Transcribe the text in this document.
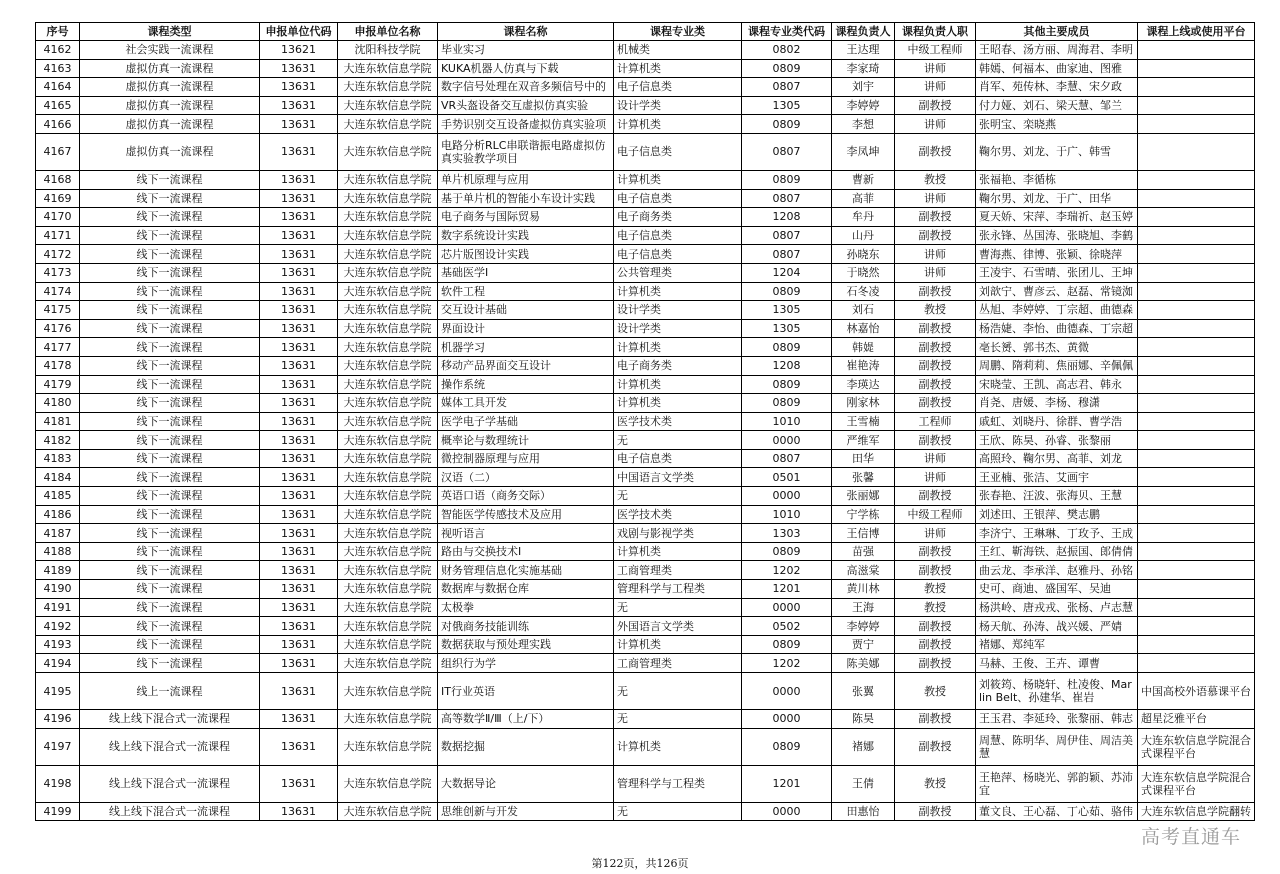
序号	课程类型	申报单位代码	申报单位名称	课程名称	课程专业类	课程专业类代码	课程负责人	课程负责人职	其他主要成员	课程上线或使用平台
4162	社会实践一流课程	13621	沈阳科技学院	毕业实习	机械类	0802	王达理	中级工程师	王昭春、汤方丽、周海君、李明	
4163	虚拟仿真一流课程	13631	大连东软信息学院	KUKA机器人仿真与下载	计算机类	0809	李家琦	讲师	韩嫣、何福本、曲家迪、图雅	
4164	虚拟仿真一流课程	13631	大连东软信息学院	数字信号处理在双音多频信号中的	电子信息类	0807	刘宇	讲师	肖军、苑传林、李慧、宋夕政	
4165	虚拟仿真一流课程	13631	大连东软信息学院	VR头盔设备交互虚拟仿真实验	设计学类	1305	李婷婷	副教授	付力娅、刘石、梁天慧、邹兰	
4166	虚拟仿真一流课程	13631	大连东软信息学院	手势识别交互设备虚拟仿真实验项	计算机类	0809	李想	讲师	张明宝、栾晓燕	
4167	虚拟仿真一流课程	13631	大连东软信息学院	电路分析RLC串联谐振电路虚拟仿真实验教学项目	电子信息类	0807	李凤坤	副教授	鞠尔男、刘龙、于广、韩雪	
4168	线下一流课程	13631	大连东软信息学院	单片机原理与应用	计算机类	0809	曹新	教授	张福艳、李循栋	
4169	线下一流课程	13631	大连东软信息学院	基于单片机的智能小车设计实践	电子信息类	0807	高菲	讲师	鞠尔男、刘龙、于广、田华	
4170	线下一流课程	13631	大连东软信息学院	电子商务与国际贸易	电子商务类	1208	牟丹	副教授	夏天娇、宋萍、李瑞祈、赵玉婷	
4171	线下一流课程	13631	大连东软信息学院	数字系统设计实践	电子信息类	0807	山丹	副教授	张永锋、丛国涛、张晓旭、李鹤	
4172	线下一流课程	13631	大连东软信息学院	芯片版图设计实践	电子信息类	0807	孙晓东	讲师	曹海燕、律博、张颖、徐晓萍	
4173	线下一流课程	13631	大连东软信息学院	基础医学I	公共管理类	1204	于晓然	讲师	王凌宇、石雪晴、张团儿、王坤	
4174	线下一流课程	13631	大连东软信息学院	软件工程	计算机类	0809	石冬凌	副教授	刘歆宁、曹彦云、赵磊、常镜洳	
4175	线下一流课程	13631	大连东软信息学院	交互设计基础	设计学类	1305	刘石	教授	丛旭、李婷婷、丁宗超、曲德森	
4176	线下一流课程	13631	大连东软信息学院	界面设计	设计学类	1305	林嘉怡	副教授	杨浩婕、李怡、曲德森、丁宗超	
4177	线下一流课程	13631	大连东软信息学院	机器学习	计算机类	0809	韩媞	副教授	亳长赟、郭书杰、黄微	
4178	线下一流课程	13631	大连东软信息学院	移动产品界面交互设计	电子商务类	1208	崔艳涛	副教授	周鹏、隋莉莉、焦丽娜、辛佩佩	
4179	线下一流课程	13631	大连东软信息学院	操作系统	计算机类	0809	李瑛达	副教授	宋晓莹、王凯、高志君、韩永	
4180	线下一流课程	13631	大连东软信息学院	媒体工具开发	计算机类	0809	刚家林	副教授	肖尧、唐媛、李杨、穆潇	
4181	线下一流课程	13631	大连东软信息学院	医学电子学基础	医学技术类	1010	王雪楠	工程师	戚虹、刘晓丹、徐群、曹学浩	
4182	线下一流课程	13631	大连东软信息学院	概率论与数理统计	无	0000	严维军	副教授	王欣、陈昊、孙睿、张黎丽	
4183	线下一流课程	13631	大连东软信息学院	微控制器原理与应用	电子信息类	0807	田华	讲师	高照玲、鞠尔男、高菲、刘龙	
4184	线下一流课程	13631	大连东软信息学院	汉语（二）	中国语言文学类	0501	张馨	讲师	王亚楠、张洁、艾画宇	
4185	线下一流课程	13631	大连东软信息学院	英语口语（商务交际）	无	0000	张丽娜	副教授	张春艳、汪波、张海贝、王慧	
4186	线下一流课程	13631	大连东软信息学院	智能医学传感技术及应用	医学技术类	1010	宁学栋	中级工程师	刘述田、王银萍、樊志鹏	
4187	线下一流课程	13631	大连东软信息学院	视听语言	戏剧与影视学类	1303	王信博	讲师	李济宁、王琳琳、丁玫予、王成	
4188	线下一流课程	13631	大连东软信息学院	路由与交换技术I	计算机类	0809	苗强	副教授	王红、靳海铁、赵振国、郎倩倩	
4189	线下一流课程	13631	大连东软信息学院	财务管理信息化实施基础	工商管理类	1202	高滋棠	副教授	曲云龙、李承洋、赵雅丹、孙铭	
4190	线下一流课程	13631	大连东软信息学院	数据库与数据仓库	管理科学与工程类	1201	黄川林	教授	史可、商迪、盛国军、吴迪	
4191	线下一流课程	13631	大连东软信息学院	太极拳	无	0000	王海	教授	杨洪岭、唐戎戎、张杨、卢志慧	
4192	线下一流课程	13631	大连东软信息学院	对俄商务技能训练	外国语言文学类	0502	李婷婷	副教授	杨天航、孙涛、战兴媛、严婧	
4193	线下一流课程	13631	大连东软信息学院	数据获取与预处理实践	计算机类	0809	贾宁	副教授	褚娜、郑纯军	
4194	线下一流课程	13631	大连东软信息学院	组织行为学	工商管理类	1202	陈美娜	副教授	马赫、王俊、王卉、谭曹	
4195	线上一流课程	13631	大连东软信息学院	IT行业英语	无	0000	张翼	教授	刘筱筠、杨晓轩、杜凌俊、Marlin Belt、孙建华、崔岩	中国高校外语慕课平台
4196	线上线下混合式一流课程	13631	大连东软信息学院	高等数学Ⅱ/Ⅲ（上/下）	无	0000	陈昊	副教授	王玉君、李延玲、张黎丽、韩志	超星泛雅平台
4197	线上线下混合式一流课程	13631	大连东软信息学院	数据挖掘	计算机类	0809	褚娜	副教授	周慧、陈明华、周伊佳、周洁美慧	大连东软信息学院混合式课程平台
4198	线上线下混合式一流课程	13631	大连东软信息学院	大数据导论	管理科学与工程类	1201	王倩	教授	王艳萍、杨晓光、郭韵颖、苏沛宜	大连东软信息学院混合式课程平台
4199	线上线下混合式一流课程	13631	大连东软信息学院	思维创新与开发	无	0000	田惠怡	副教授	董文良、王心磊、丁心茹、骆伟	大连东软信息学院翻转
第122页，共126页
高考直通车
